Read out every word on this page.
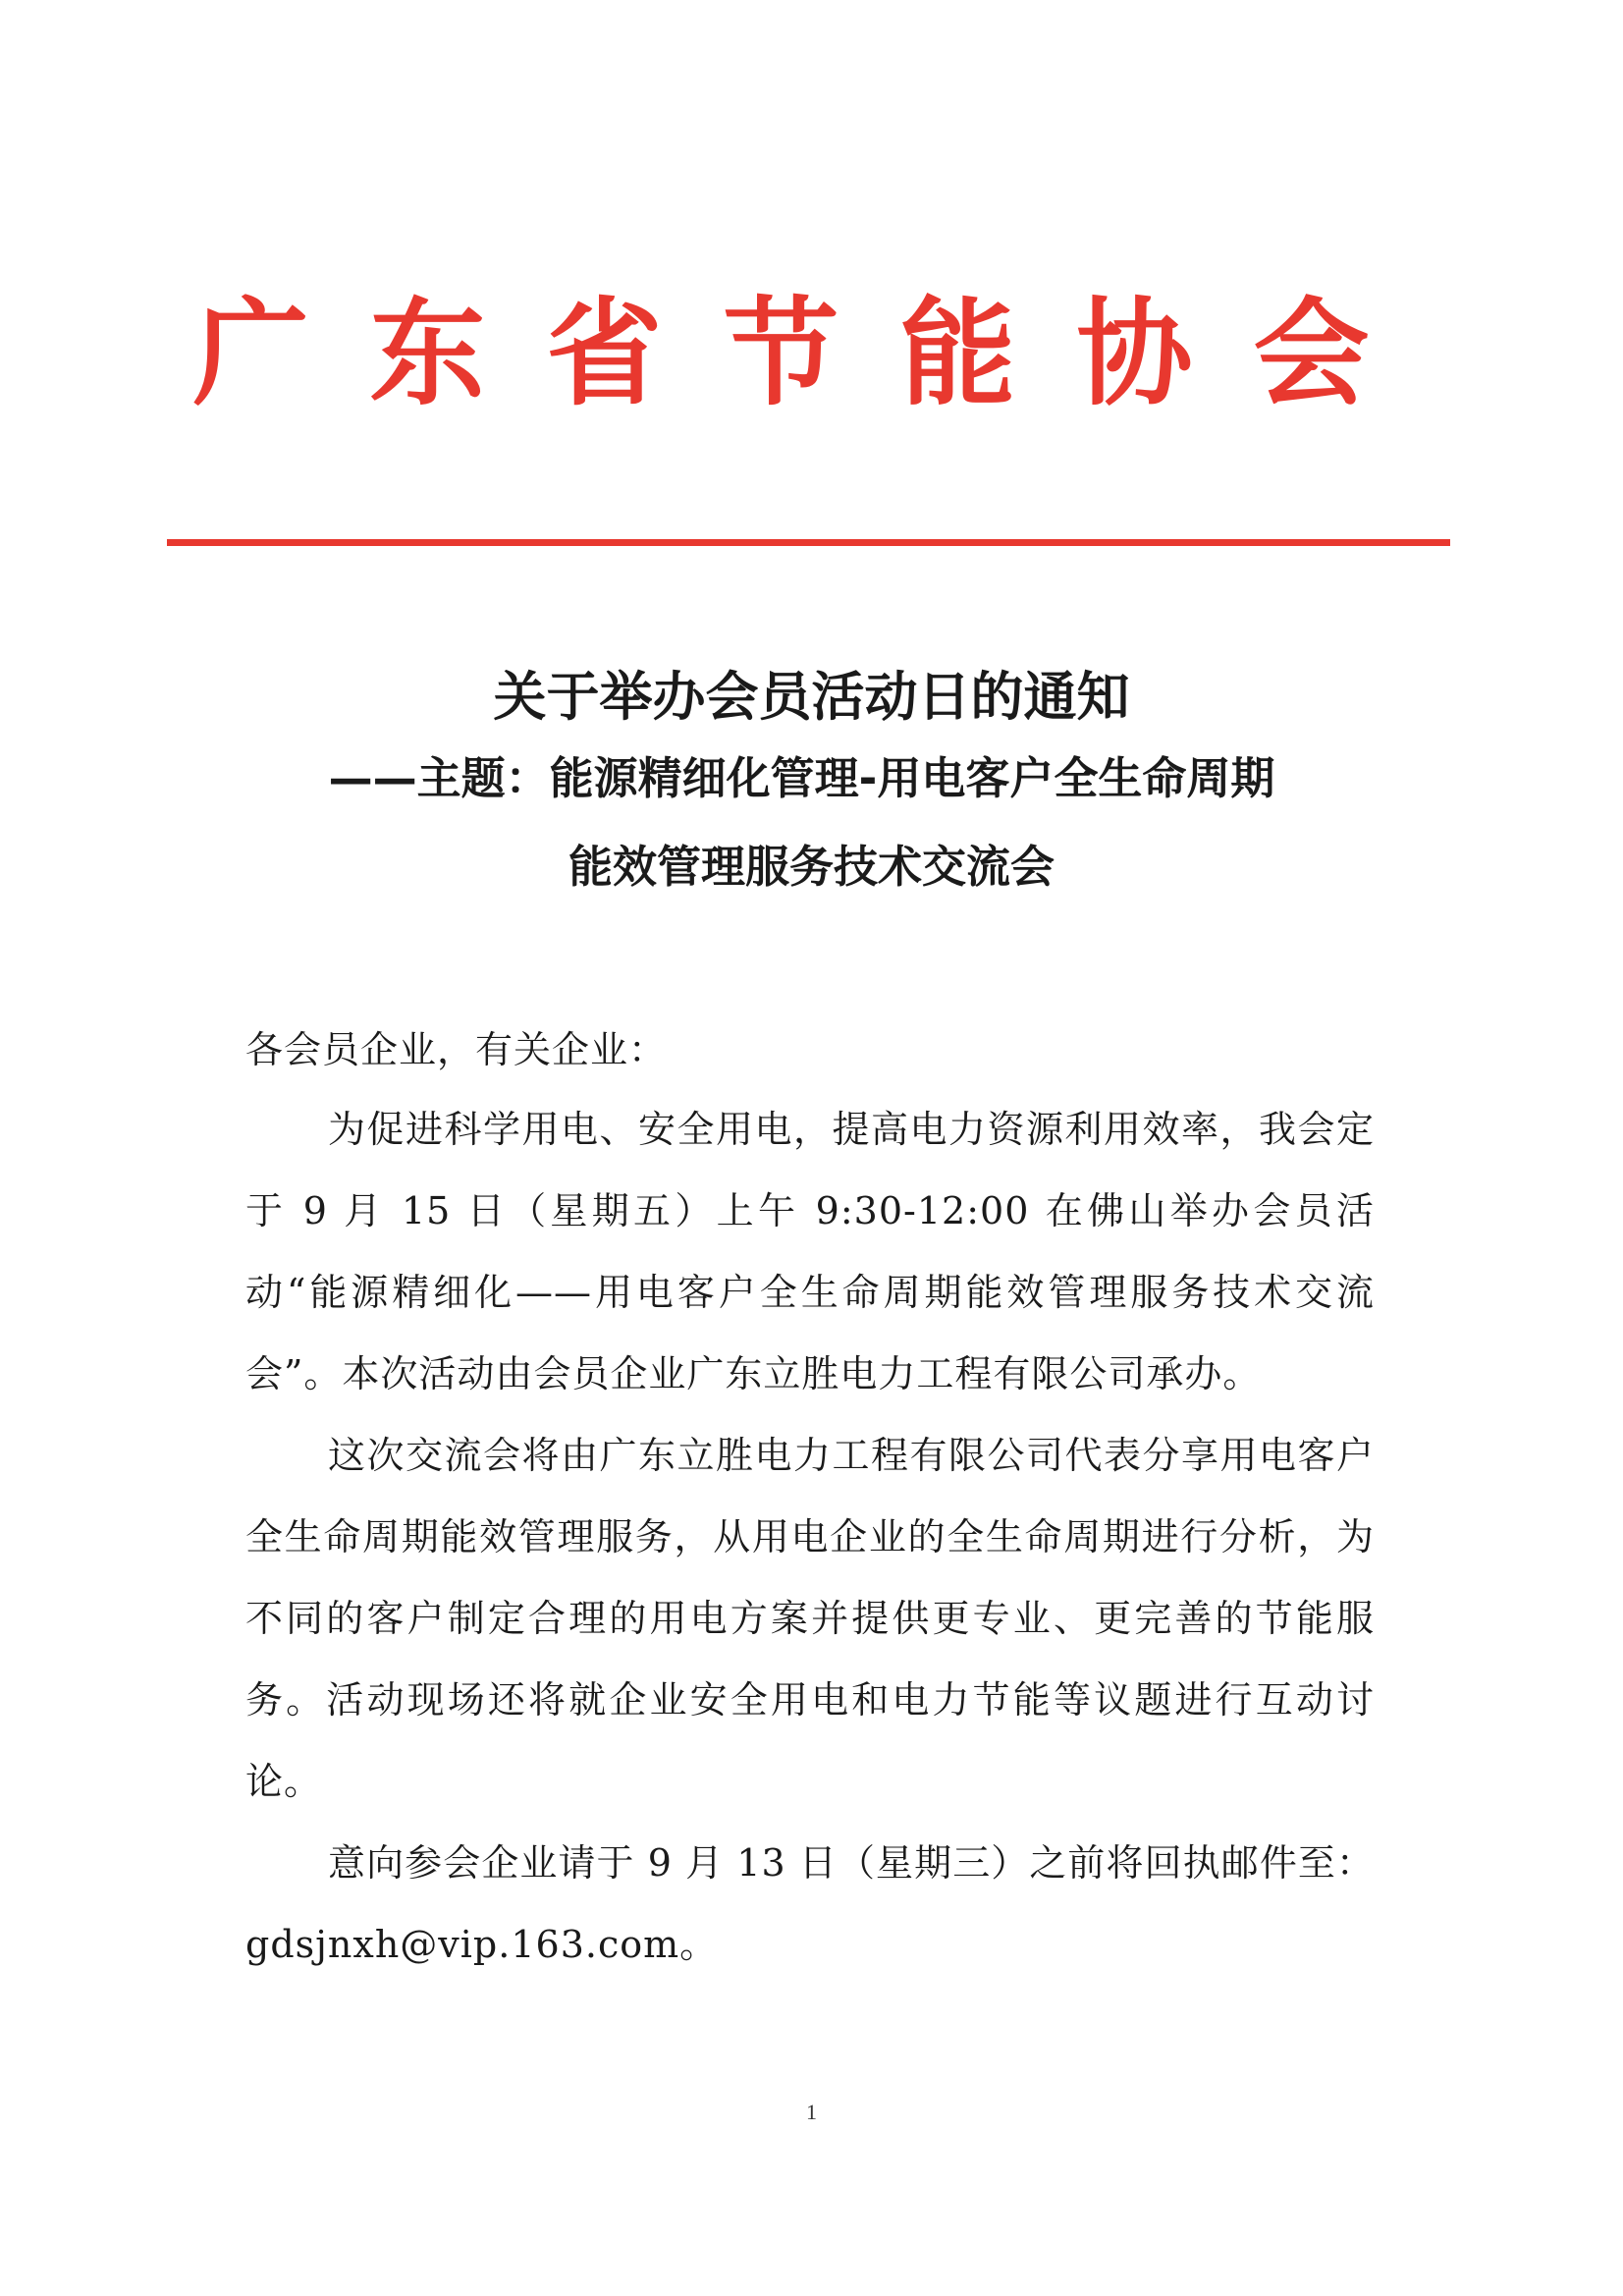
广东省节能协会
关于举办会员活动日的通知
——主题：能源精细化管理-用电客户全生命周期
能效管理服务技术交流会
各会员企业，有关企业：
为促进科学用电、安全用电，提高电力资源利用效率，我会定于 9 月 15 日（星期五）上午 9:30-12:00 在佛山举办会员活动“能源精细化——用电客户全生命周期能效管理服务技术交流会”。本次活动由会员企业广东立胜电力工程有限公司承办。
这次交流会将由广东立胜电力工程有限公司代表分享用电客户全生命周期能效管理服务，从用电企业的全生命周期进行分析，为不同的客户制定合理的用电方案并提供更专业、更完善的节能服务。活动现场还将就企业安全用电和电力节能等议题进行互动讨论。
意向参会企业请于 9 月 13 日（星期三）之前将回执邮件至：gdsjnxh@vip.163.com。
1
